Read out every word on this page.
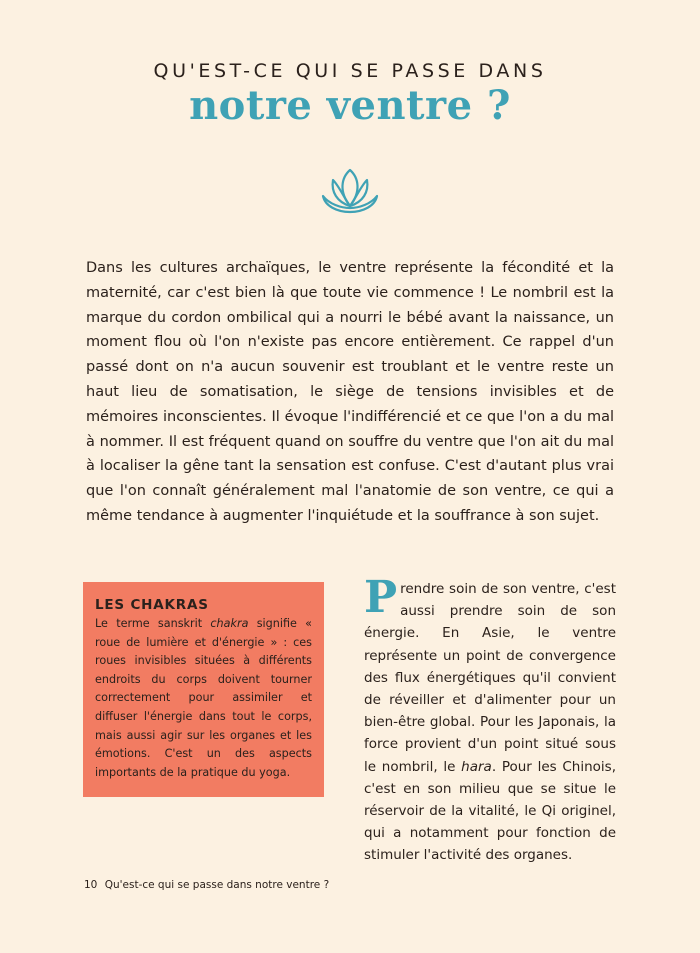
QU'EST-CE QUI SE PASSE DANS
notre ventre ?

Dans les cultures archaïques, le ventre représente la fécondité et la maternité, car c'est bien là que toute vie commence ! Le nombril est la marque du cordon ombilical qui a nourri le bébé avant la naissance, un moment flou où l'on n'existe pas encore entièrement. Ce rappel d'un passé dont on n'a aucun souvenir est troublant et le ventre reste un haut lieu de somatisation, le siège de tensions invisibles et de mémoires inconscientes. Il évoque l'indifférencié et ce que l'on a du mal à nommer. Il est fréquent quand on souffre du ventre que l'on ait du mal à localiser la gêne tant la sensation est confuse. C'est d'autant plus vrai que l'on connaît généralement mal l'anatomie de son ventre, ce qui a même tendance à augmenter l'inquiétude et la souffrance à son sujet.

LES CHAKRAS

Le terme sanskrit chakra signifie « roue de lumière et d'énergie » : ces roues invisibles situées à différents endroits du corps doivent tourner correctement pour assimiler et diffuser l'énergie dans tout le corps, mais aussi agir sur les organes et les émotions. C'est un des aspects importants de la pratique du yoga.

Prendre soin de son ventre, c'est aussi prendre soin de son énergie. En Asie, le ventre représente un point de convergence des flux énergétiques qu'il convient de réveiller et d'alimenter pour un bien-être global. Pour les Japonais, la force provient d'un point situé sous le nombril, le hara. Pour les Chinois, c'est en son milieu que se situe le réservoir de la vitalité, le Qi originel, qui a notamment pour fonction de stimuler l'activité des organes.

10 Qu'est-ce qui se passe dans notre ventre ?
